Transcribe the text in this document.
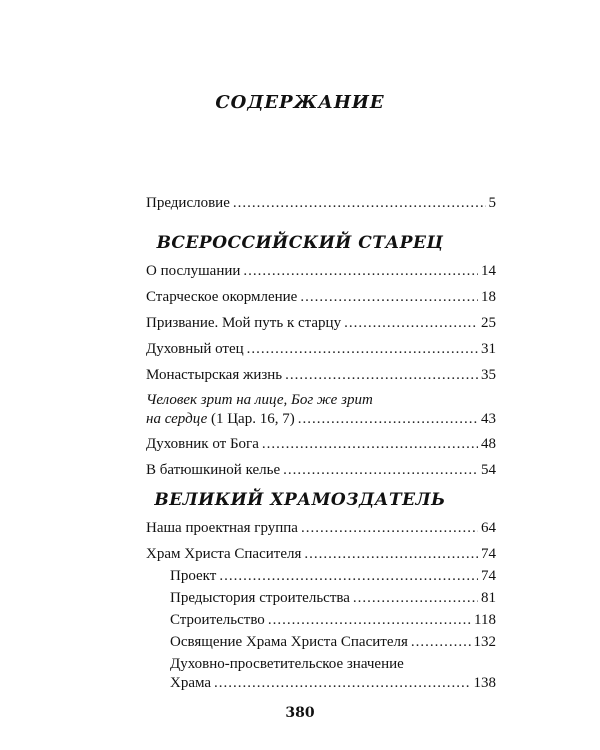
СОДЕРЖАНИЕ
Предисловие .....	5
ВСЕРОССИЙСКИЙ СТАРЕЦ
О послушании .....	14
Старческое окормление .....	18
Призвание. Мой путь к старцу .....	25
Духовный отец .....	31
Монастырская жизнь .....	35
Человек зрит на лице, Бог же зрит
на сердце (1 Цар. 16, 7) .....	43
Духовник от Бога .....	48
В батюшкиной келье .....	54
ВЕЛИКИЙ ХРАМОЗДАТЕЛЬ
Наша проектная группа .....	64
Храм Христа Спасителя .....	74
Проект .....	74
Предыстория строительства .....	81
Строительство .....	118
Освящение Храма Христа Спасителя .....	132
Духовно-просветительское значение
Храма .....	138
380
